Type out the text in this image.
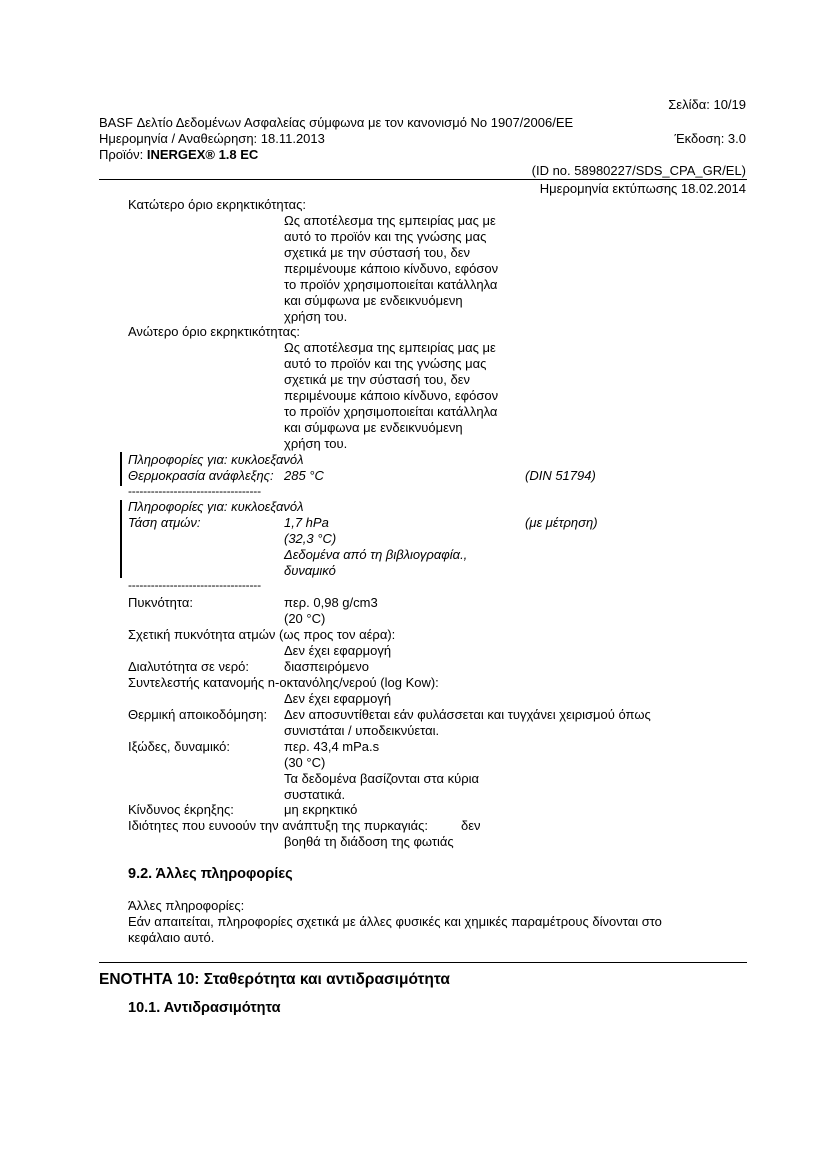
Σελίδα: 10/19
BASF Δελτίο Δεδομένων Ασφαλείας σύμφωνα με τον κανονισμό Νο 1907/2006/ΕΕ
Ημερομηνία / Αναθεώρηση: 18.11.2013	Έκδοση: 3.0
Προϊόν: INERGEX® 1.8 EC
(ID no. 58980227/SDS_CPA_GR/EL)
Ημερομηνία εκτύπωσης 18.02.2014
Κατώτερο όριο εκρηκτικότητας:
Ως αποτέλεσμα της εμπειρίας μας με
αυτό το προϊόν και της γνώσης μας
σχετικά με την σύστασή του, δεν
περιμένουμε κάποιο κίνδυνο, εφόσον
το προϊόν χρησιμοποιείται κατάλληλα
και σύμφωνα με ενδεικνυόμενη
χρήση του.
Ανώτερο όριο εκρηκτικότητας:
Ως αποτέλεσμα της εμπειρίας μας με
αυτό το προϊόν και της γνώσης μας
σχετικά με την σύστασή του, δεν
περιμένουμε κάποιο κίνδυνο, εφόσον
το προϊόν χρησιμοποιείται κατάλληλα
και σύμφωνα με ενδεικνυόμενη
χρήση του.
Πληροφορίες για: κυκλοεξανόλ
Θερμοκρασία ανάφλεξης: 285 °C	(DIN 51794)
-----------------------------------
Πληροφορίες για: κυκλοεξανόλ
Τάση ατμών:	1,7 hPa	(με μέτρηση)
(32,3 °C)
Δεδομένα από τη βιβλιογραφία.,
δυναμικό
-----------------------------------
Πυκνότητα:	περ. 0,98 g/cm3
(20 °C)
Σχετική πυκνότητα ατμών (ως προς τον αέρα):
Δεν έχει εφαρμογή
Διαλυτότητα σε νερό:	διασπειρόμενο
Συντελεστής κατανομής n-οκτανόλης/νερού (log Kow):
Δεν έχει εφαρμογή
Θερμική αποικοδόμηση: Δεν αποσυντίθεται εάν φυλάσσεται και τυγχάνει χειρισμού όπως
συνιστάται / υποδεικνύεται.
Ιξώδες, δυναμικό:	περ. 43,4 mPa.s
(30 °C)
Τα δεδομένα βασίζονται στα κύρια
συστατικά.
Κίνδυνος έκρηξης:	μη εκρηκτικό
Ιδιότητες που ευνοούν την ανάπτυξη της πυρκαγιάς:	δεν
βοηθά τη διάδοση της φωτιάς
9.2. Άλλες πληροφορίες
Άλλες πληροφορίες:
Εάν απαιτείται, πληροφορίες σχετικά με άλλες φυσικές και χημικές παραμέτρους δίνονται στο
κεφάλαιο αυτό.
ΕΝΟΤΗΤΑ 10: Σταθερότητα και αντιδρασιμότητα
10.1. Αντιδρασιμότητα
